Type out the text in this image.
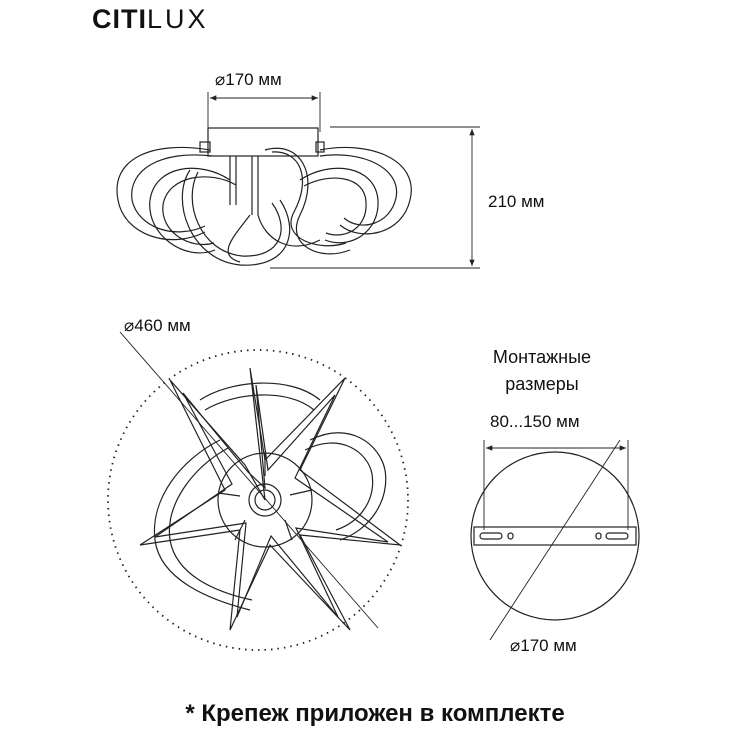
CITILUX
⌀170 мм
210 мм
⌀460 мм
Монтажные
размеры
80...150 мм
⌀170 мм
* Крепеж приложен в комплекте
